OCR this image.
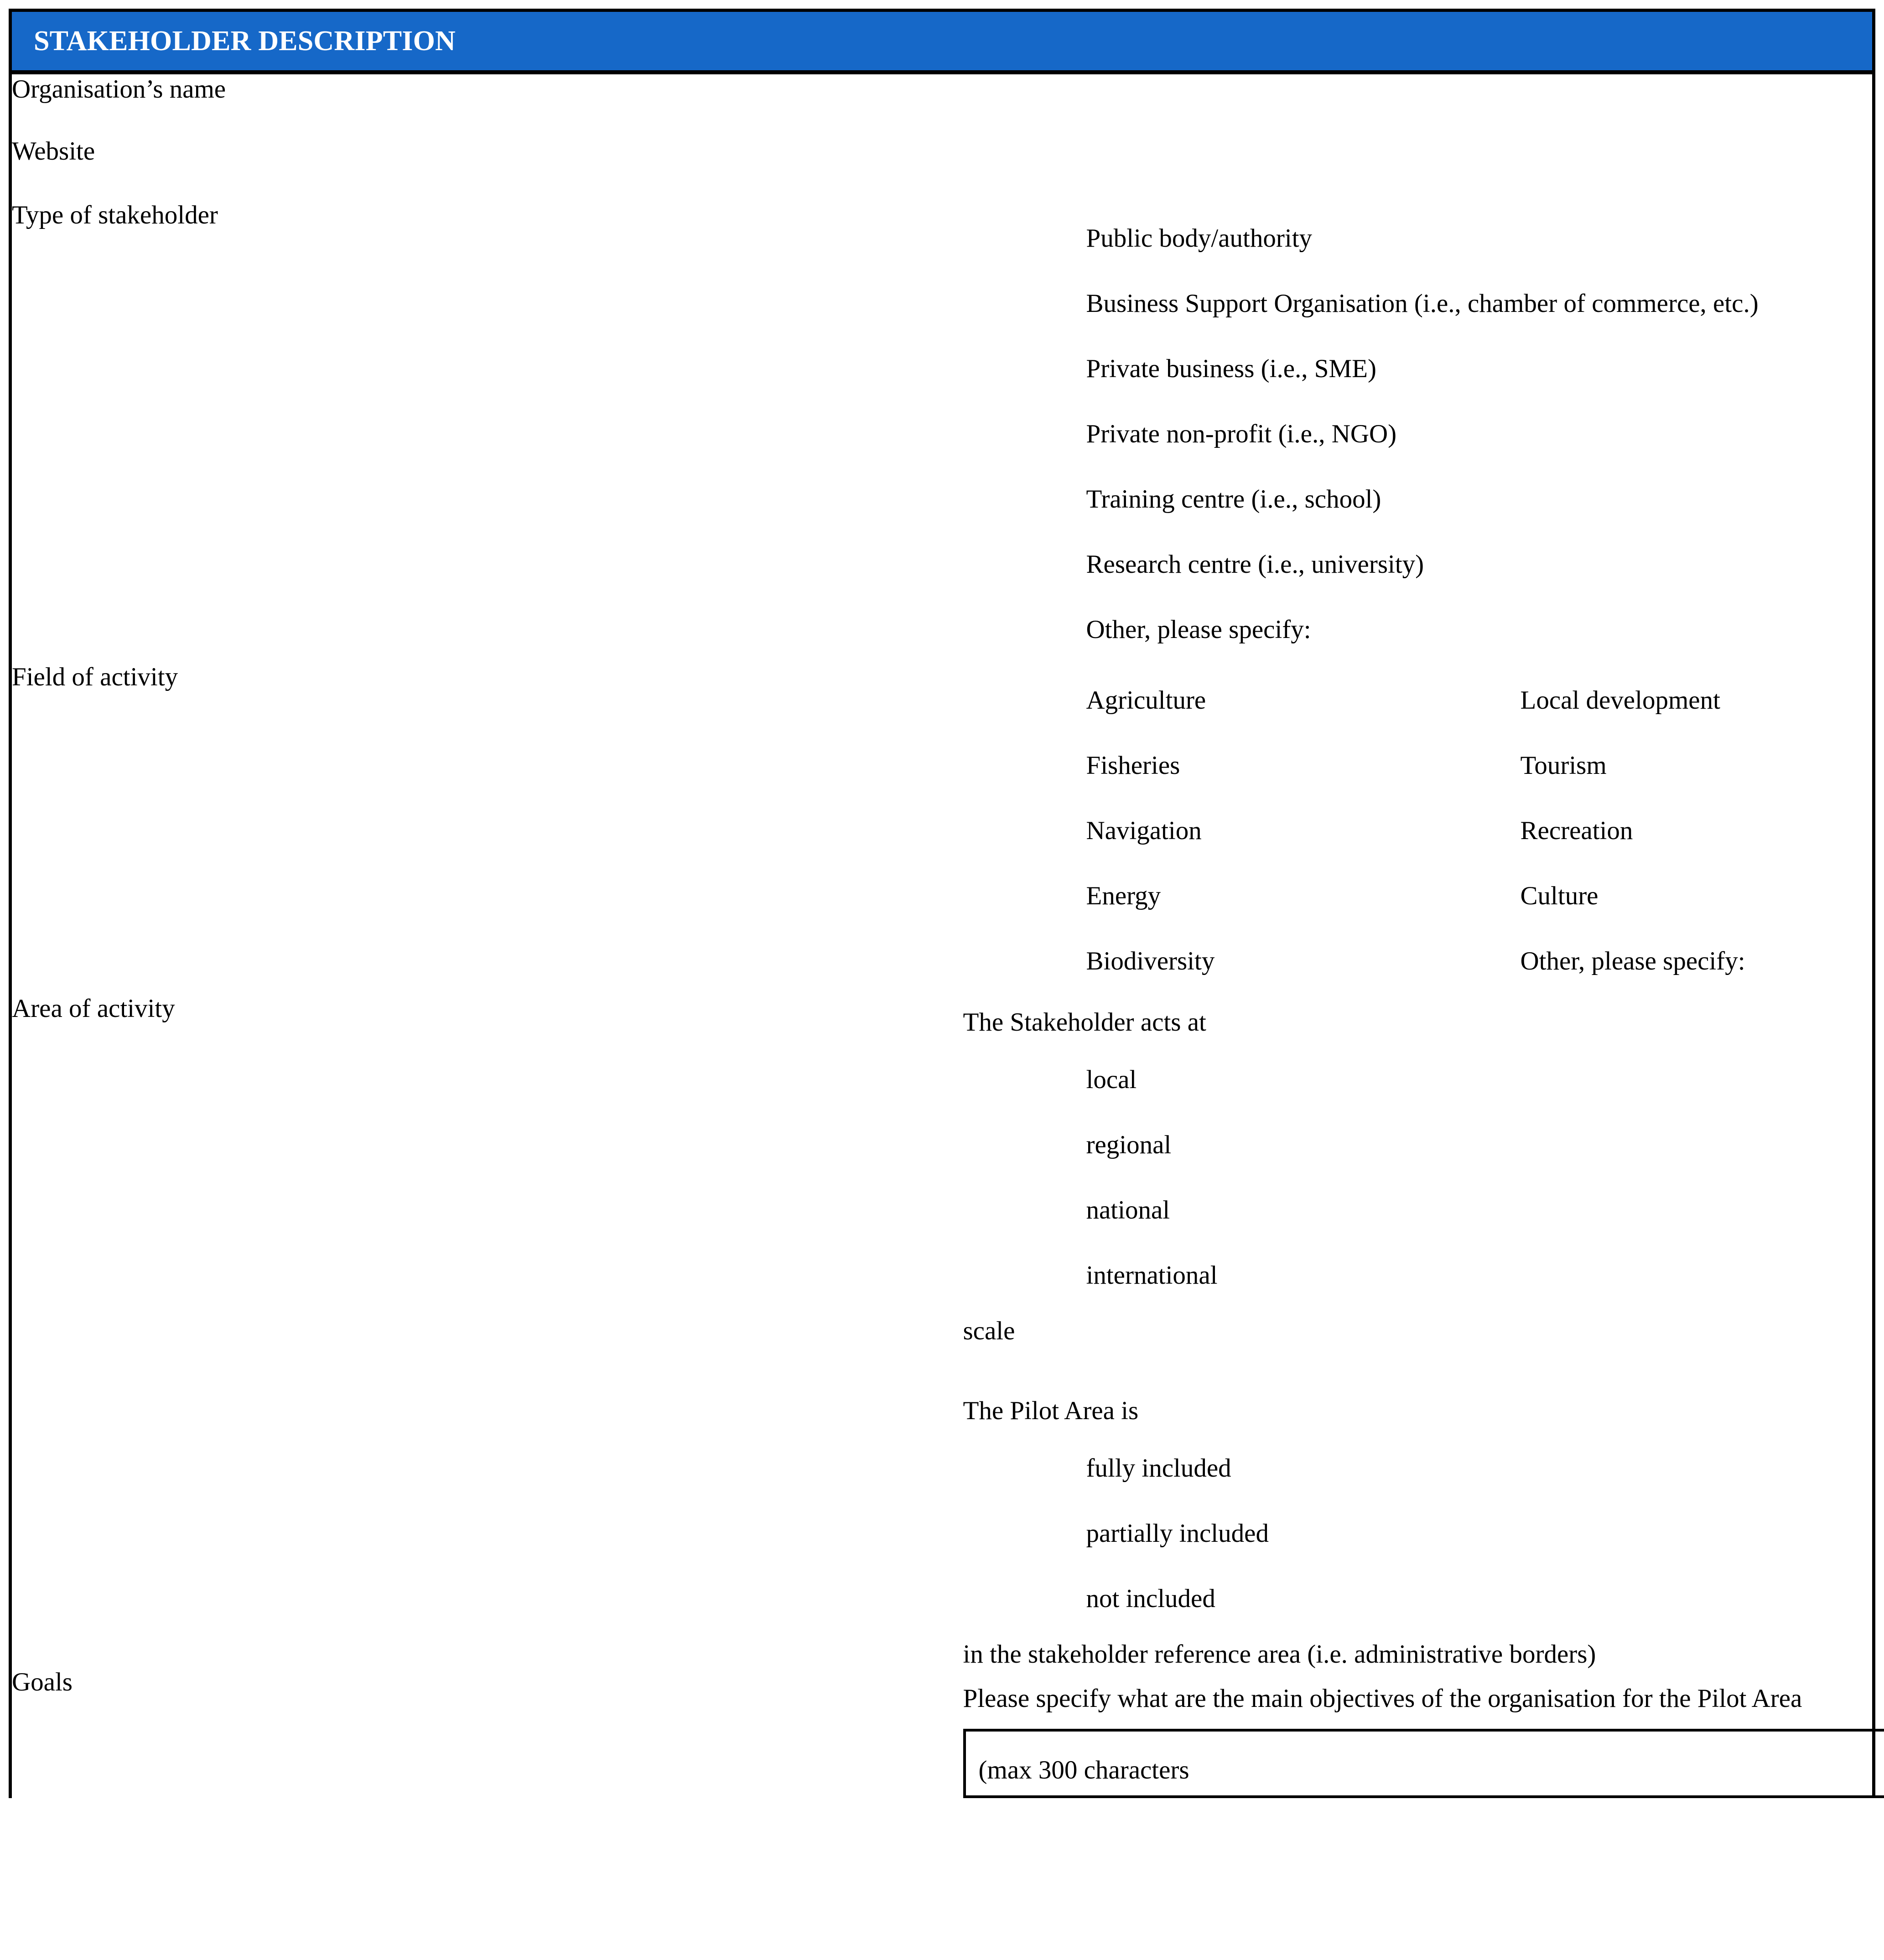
STAKEHOLDER DESCRIPTION

Organisation’s name	
Website	
Type of stakeholder	
	Public body/authority
	Business Support Organisation (i.e., chamber of commerce, etc.)
	Private business (i.e., SME)
	Private non-profit (i.e., NGO)
	Training centre (i.e., school)
	Research centre (i.e., university)
	Other, please specify:

Field of activity	
	Agriculture		Local development
	Fisheries		Tourism
	Navigation		Recreation
	Energy		Culture
	Biodiversity		Other, please specify:

Area of activity	The Stakeholder acts at
	local
	regional
	national
	international
scale
The Pilot Area is
	fully included
	partially included
	not included
in the stakeholder reference area (i.e. administrative borders)

Goals	
Please specify what are the main objectives of the organisation for the Pilot Area
(max 300 characters
